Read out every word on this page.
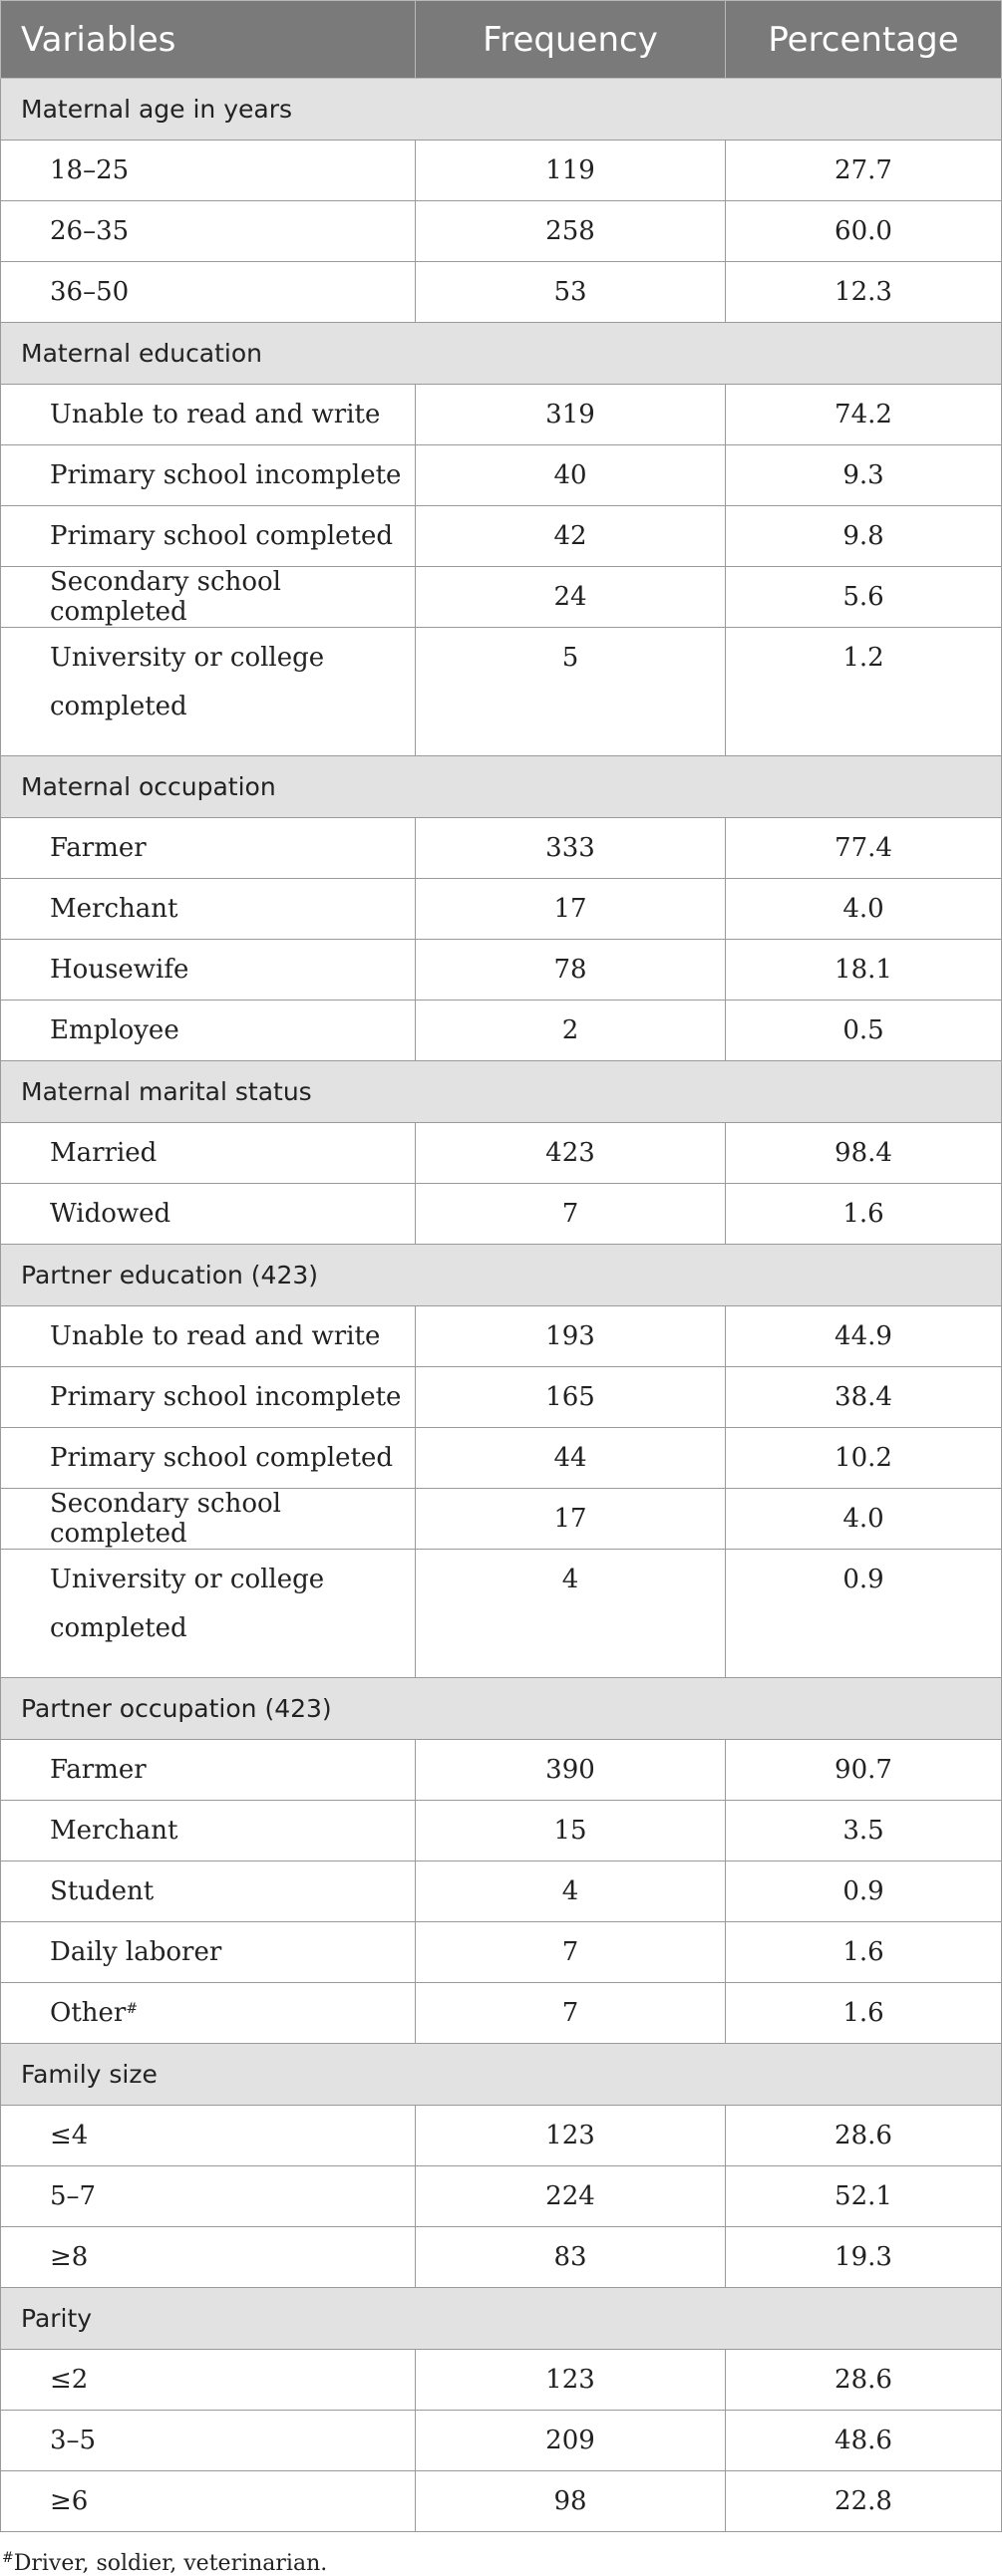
Variables	Frequency	Percentage
Maternal age in years		
18–25	119	27.7
26–35	258	60.0
36–50	53	12.3
Maternal education		
Unable to read and write	319	74.2
Primary school incomplete	40	9.3
Primary school completed	42	9.8
Secondary school completed	24	5.6
University or college completed	5	1.2
Maternal occupation		
Farmer	333	77.4
Merchant	17	4.0
Housewife	78	18.1
Employee	2	0.5
Maternal marital status		
Married	423	98.4
Widowed	7	1.6
Partner education (423)		
Unable to read and write	193	44.9
Primary school incomplete	165	38.4
Primary school completed	44	10.2
Secondary school completed	17	4.0
University or college completed	4	0.9
Partner occupation (423)		
Farmer	390	90.7
Merchant	15	3.5
Student	4	0.9
Daily laborer	7	1.6
Other#	7	1.6
Family size		
≤4	123	28.6
5–7	224	52.1
≥8	83	19.3
Parity		
≤2	123	28.6
3–5	209	48.6
≥6	98	22.8
#Driver, soldier, veterinarian.
